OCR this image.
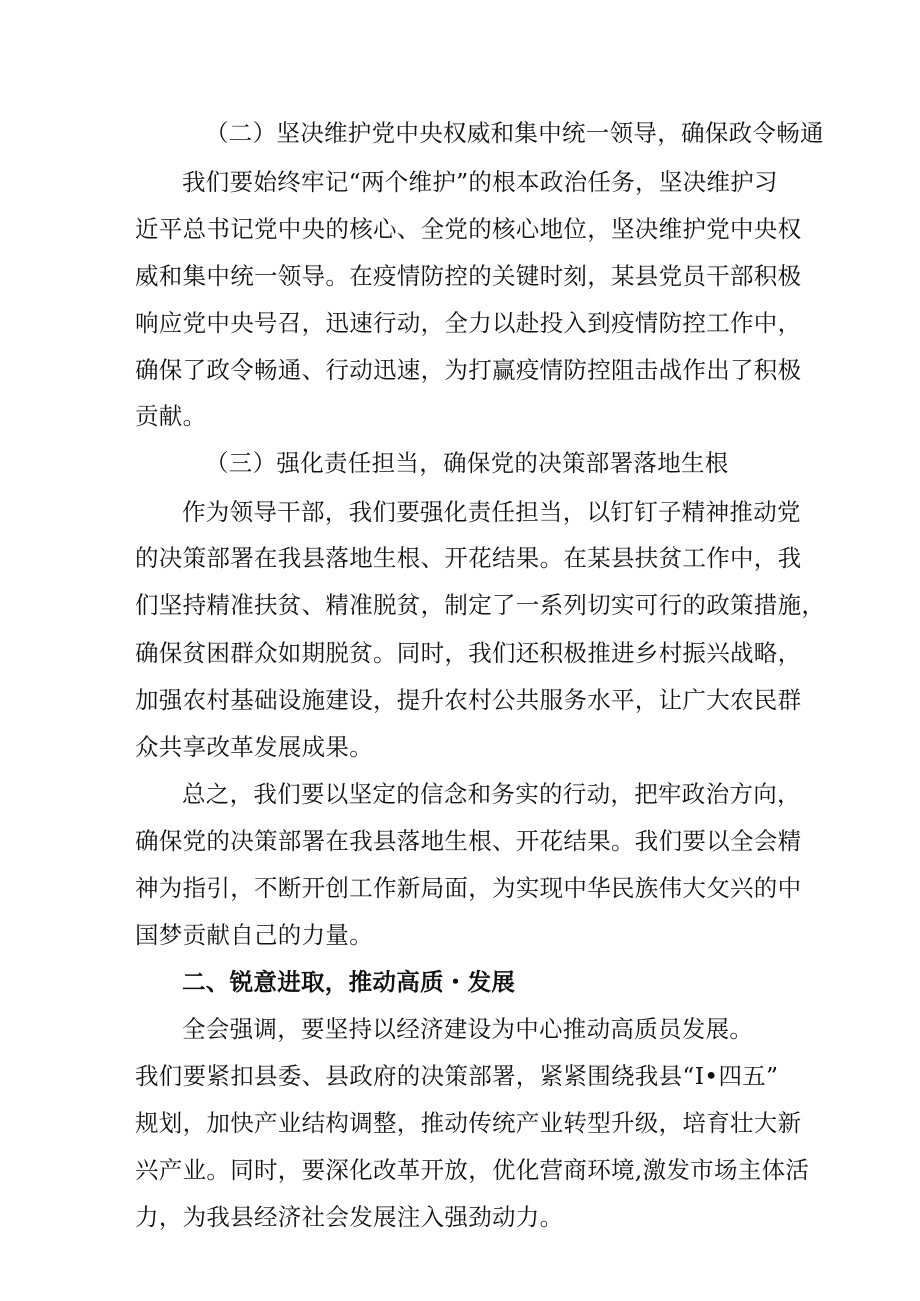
（二）坚决维护党中央权威和集中统一领导，确保政令畅通
我们要始终牢记“两个维护”的根本政治任务，坚决维护习
近平总书记党中央的核心、全党的核心地位，坚决维护党中央权
威和集中统一领导。在疫情防控的关键时刻，某县党员干部积极
响应党中央号召，迅速行动，全力以赴投入到疫情防控工作中，
确保了政令畅通、行动迅速，为打赢疫情防控阻击战作出了积极
贡献。
（三）强化责任担当，确保党的决策部署落地生根
作为领导干部，我们要强化责任担当，以钉钉子精神推动党
的决策部署在我县落地生根、开花结果。在某县扶贫工作中，我
们坚持精准扶贫、精准脱贫，制定了一系列切实可行的政策措施，
确保贫困群众如期脱贫。同时，我们还积极推进乡村振兴战略，
加强农村基础设施建设，提升农村公共服务水平，让广大农民群
众共享改革发展成果。
总之，我们要以坚定的信念和务实的行动，把牢政治方向，
确保党的决策部署在我县落地生根、开花结果。我们要以全会精
神为指引，不断开创工作新局面，为实现中华民族伟大攵兴的中
国梦贡献自己的力量。
二、锐意进取，推动高质・发展
全会强调，要坚持以经济建设为中心推动高质员发展。
我们要紧扣县委、县政府的决策部署，紧紧围绕我县“I•四五”
规划，加快产业结构调整，推动传统产业转型升级，培育壮大新
兴产业。同时，要深化改革开放，优化营商环境,激发市场主体活
力，为我县经济社会发展注入强劲动力。
